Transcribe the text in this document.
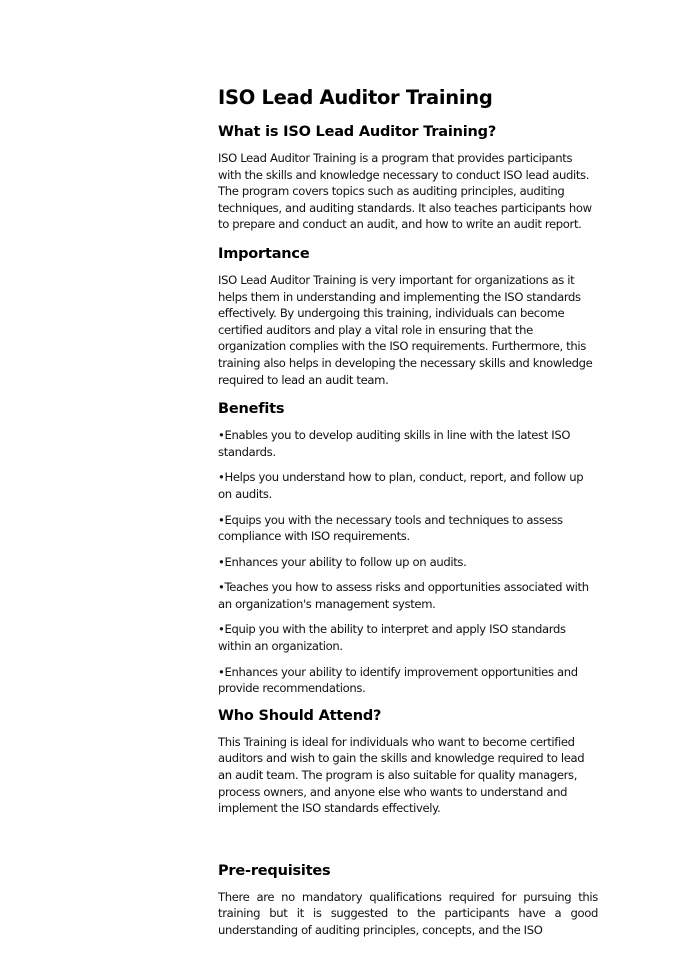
ISO Lead Auditor Training
What is ISO Lead Auditor Training?

ISO Lead Auditor Training is a program that provides participants with the skills and knowledge necessary to conduct ISO lead audits. The program covers topics such as auditing principles, auditing techniques, and auditing standards. It also teaches participants how to prepare and conduct an audit, and how to write an audit report.

Importance

ISO Lead Auditor Training is very important for organizations as it helps them in understanding and implementing the ISO standards effectively. By undergoing this training, individuals can become certified auditors and play a vital role in ensuring that the organization complies with the ISO requirements. Furthermore, this training also helps in developing the necessary skills and knowledge required to lead an audit team.

Benefits

•Enables you to develop auditing skills in line with the latest ISO standards.

•Helps you understand how to plan, conduct, report, and follow up on audits.

•Equips you with the necessary tools and techniques to assess compliance with ISO requirements.

•Enhances your ability to follow up on audits.

•Teaches you how to assess risks and opportunities associated with an organization's management system.

•Equip you with the ability to interpret and apply ISO standards within an organization.

•Enhances your ability to identify improvement opportunities and provide recommendations.

Who Should Attend?

This Training is ideal for individuals who want to become certified auditors and wish to gain the skills and knowledge required to lead an audit team. The program is also suitable for quality managers, process owners, and anyone else who wants to understand and implement the ISO standards effectively.

Pre-requisites

There are no mandatory qualifications required for pursuing this training but it is suggested to the participants have a good understanding of auditing principles, concepts, and the ISO
